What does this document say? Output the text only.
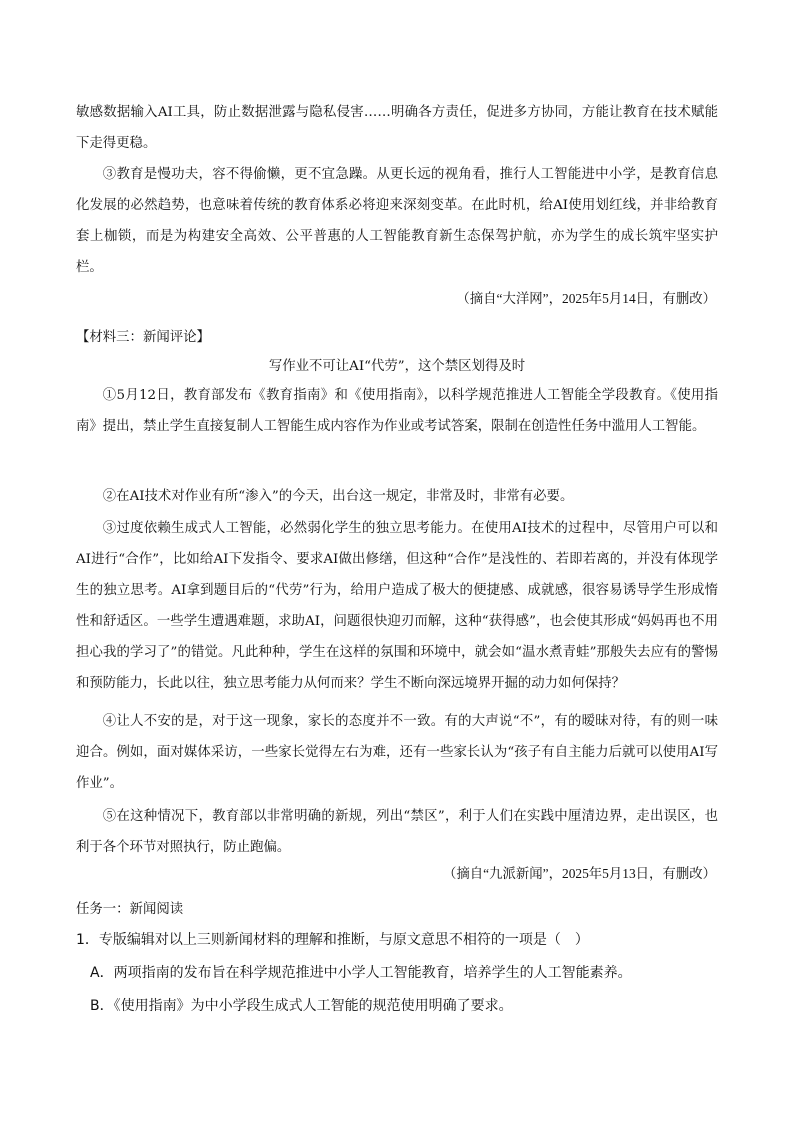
敏感数据输入AI工具，防止数据泄露与隐私侵害……明确各方责任，促进多方协同，方能让教育在技术赋能下走得更稳。

③教育是慢功夫，容不得偷懒，更不宜急躁。从更长远的视角看，推行人工智能进中小学，是教育信息化发展的必然趋势，也意味着传统的教育体系必将迎来深刻变革。在此时机，给AI使用划红线，并非给教育套上枷锁，而是为构建安全高效、公平普惠的人工智能教育新生态保驾护航，亦为学生的成长筑牢坚实护栏。

（摘自“大洋网”，2025年5月14日，有删改）

【材料三：新闻评论】

写作业不可让AI“代劳”，这个禁区划得及时

①5月12日，教育部发布《教育指南》和《使用指南》，以科学规范推进人工智能全学段教育。《使用指南》提出，禁止学生直接复制人工智能生成内容作为作业或考试答案，限制在创造性任务中滥用人工智能。

②在AI技术对作业有所“渗入”的今天，出台这一规定，非常及时，非常有必要。

③过度依赖生成式人工智能，必然弱化学生的独立思考能力。在使用AI技术的过程中，尽管用户可以和AI进行“合作”，比如给AI下发指令、要求AI做出修缮，但这种“合作”是浅性的、若即若离的，并没有体现学生的独立思考。AI拿到题目后的“代劳”行为，给用户造成了极大的便捷感、成就感，很容易诱导学生形成惰性和舒适区。一些学生遭遇难题，求助AI，问题很快迎刃而解，这种“获得感”，也会使其形成“妈妈再也不用担心我的学习了”的错觉。凡此种种，学生在这样的氛围和环境中，就会如“温水煮青蛙”那般失去应有的警惕和预防能力，长此以往，独立思考能力从何而来？学生不断向深远境界开掘的动力如何保持？

④让人不安的是，对于这一现象，家长的态度并不一致。有的大声说“不”，有的暧昧对待，有的则一味迎合。例如，面对媒体采访，一些家长觉得左右为难，还有一些家长认为“孩子有自主能力后就可以使用AI写作业”。

⑤在这种情况下，教育部以非常明确的新规，列出“禁区”，利于人们在实践中厘清边界，走出误区，也利于各个环节对照执行，防止跑偏。

（摘自“九派新闻”，2025年5月13日，有删改）

任务一：新闻阅读

1．专版编辑对以上三则新闻材料的理解和推断，与原文意思不相符的一项是（　）

A．两项指南的发布旨在科学规范推进中小学人工智能教育，培养学生的人工智能素养。

B．《使用指南》为中小学段生成式人工智能的规范使用明确了要求。
